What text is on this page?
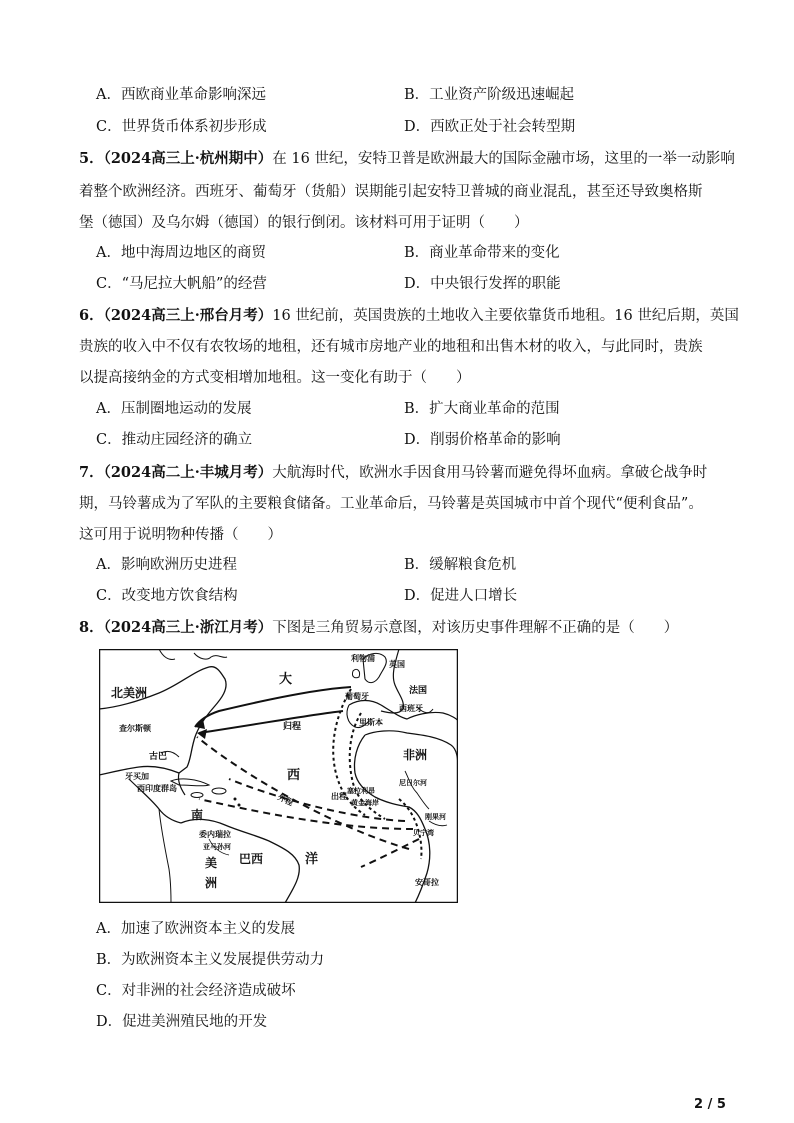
A．西欧商业革命影响深远	B．工业资产阶级迅速崛起
C．世界货币体系初步形成	D．西欧正处于社会转型期
5．（2024高三上·杭州期中）在 16 世纪，安特卫普是欧洲最大的国际金融市场，这里的一举一动影响
着整个欧洲经济。西班牙、葡萄牙（货船）误期能引起安特卫普城的商业混乱，甚至还导致奥格斯
堡（德国）及乌尔姆（德国）的银行倒闭。该材料可用于证明（　　）
A．地中海周边地区的商贸	B．商业革命带来的变化
C．“马尼拉大帆船”的经营	D．中央银行发挥的职能
6．（2024高三上·邢台月考）16 世纪前，英国贵族的土地收入主要依靠货币地租。16 世纪后期，英国
贵族的收入中不仅有农牧场的地租，还有城市房地产业的地租和出售木材的收入，与此同时，贵族
以提高接纳金的方式变相增加地租。这一变化有助于（　　）
A．压制圈地运动的发展	B．扩大商业革命的范围
C．推动庄园经济的确立	D．削弱价格革命的影响
7．（2024高二上·丰城月考）大航海时代，欧洲水手因食用马铃薯而避免得坏血病。拿破仑战争时
期，马铃薯成为了军队的主要粮食储备。工业革命后，马铃薯是英国城市中首个现代“便利食品”。
这可用于说明物种传播（　　）
A．影响欧洲历史进程	B．缓解粮食危机
C．改变地方饮食结构	D．促进人口增长
8．（2024高三上·浙江月考）下图是三角贸易示意图，对该历史事件理解不正确的是（　　）
北美洲
大
利物浦
英国
法国
葡萄牙
西班牙
里斯本
查尔斯顿	归程
古巴
牙买加
西印度群岛
西
外程	出程
非洲
塞拉利昂
黄金海岸
尼日尔河
刚果河
贝宁湾
安哥拉
南
委内瑞拉
亚马孙河
美 巴西	洋
洲
A．加速了欧洲资本主义的发展
B．为欧洲资本主义发展提供劳动力
C．对非洲的社会经济造成破坏
D．促进美洲殖民地的开发
2 / 5
